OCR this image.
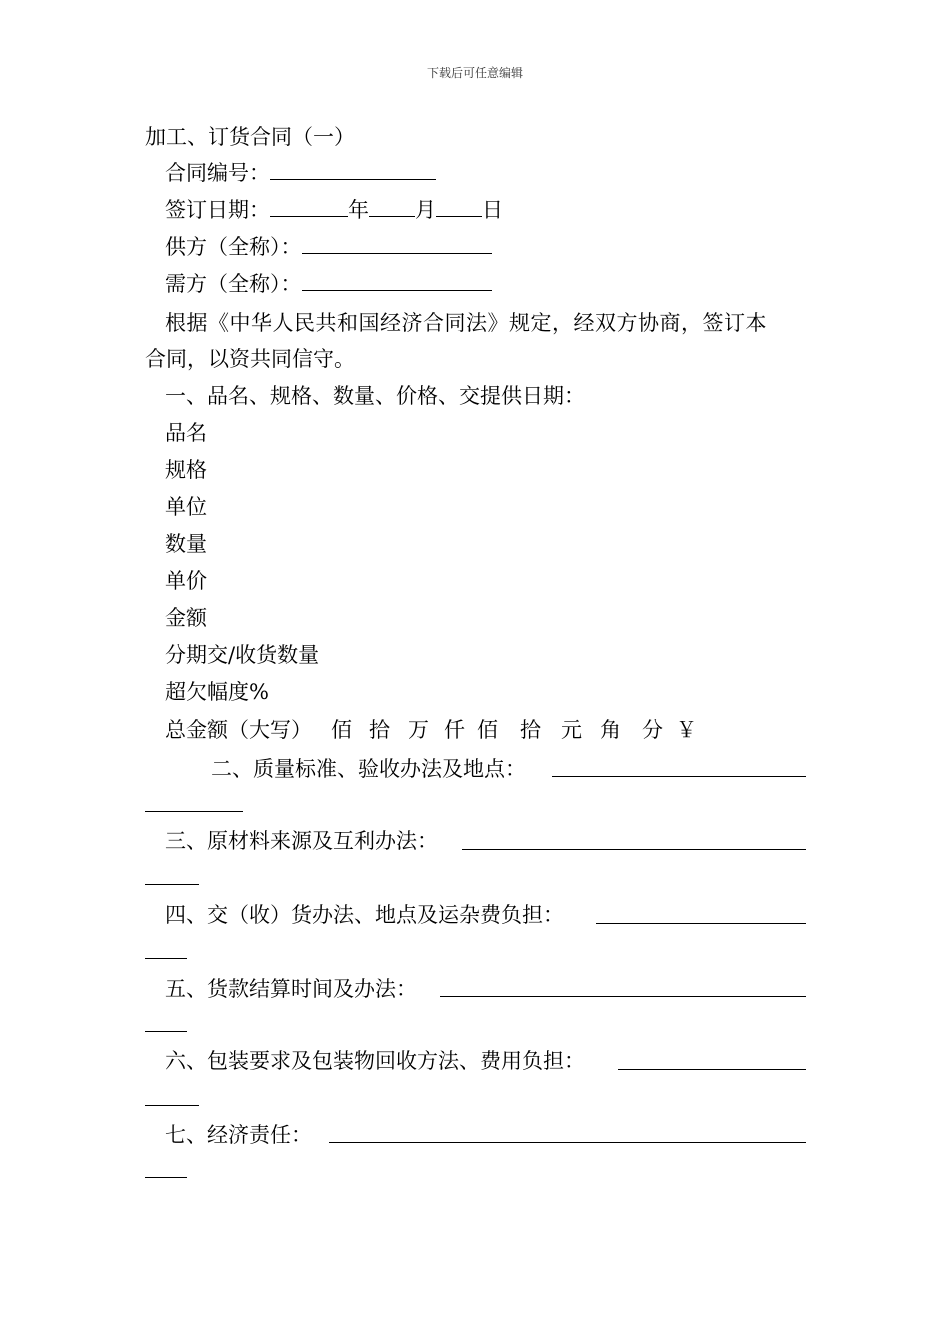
下载后可任意编辑
加工、订货合同（一）
合同编号：
签订日期：	年 月 日
供方（全称）：
需方（全称）：
根据《中华人民共和国经济合同法》规定，经双方协商，签订本
合同，以资共同信守。
一、品名、规格、数量、价格、交提供日期：
品名
规格
单位
数量
单价
金额
分期交/收货数量
超欠幅度%
总金额（大写） 佰 拾 万 仟 佰 拾 元 角 分 ￥
二、质量标准、验收办法及地点：
三、原材料来源及互利办法：
四、交（收）货办法、地点及运杂费负担：
五、货款结算时间及办法：
六、包装要求及包装物回收方法、费用负担：
七、经济责任：
